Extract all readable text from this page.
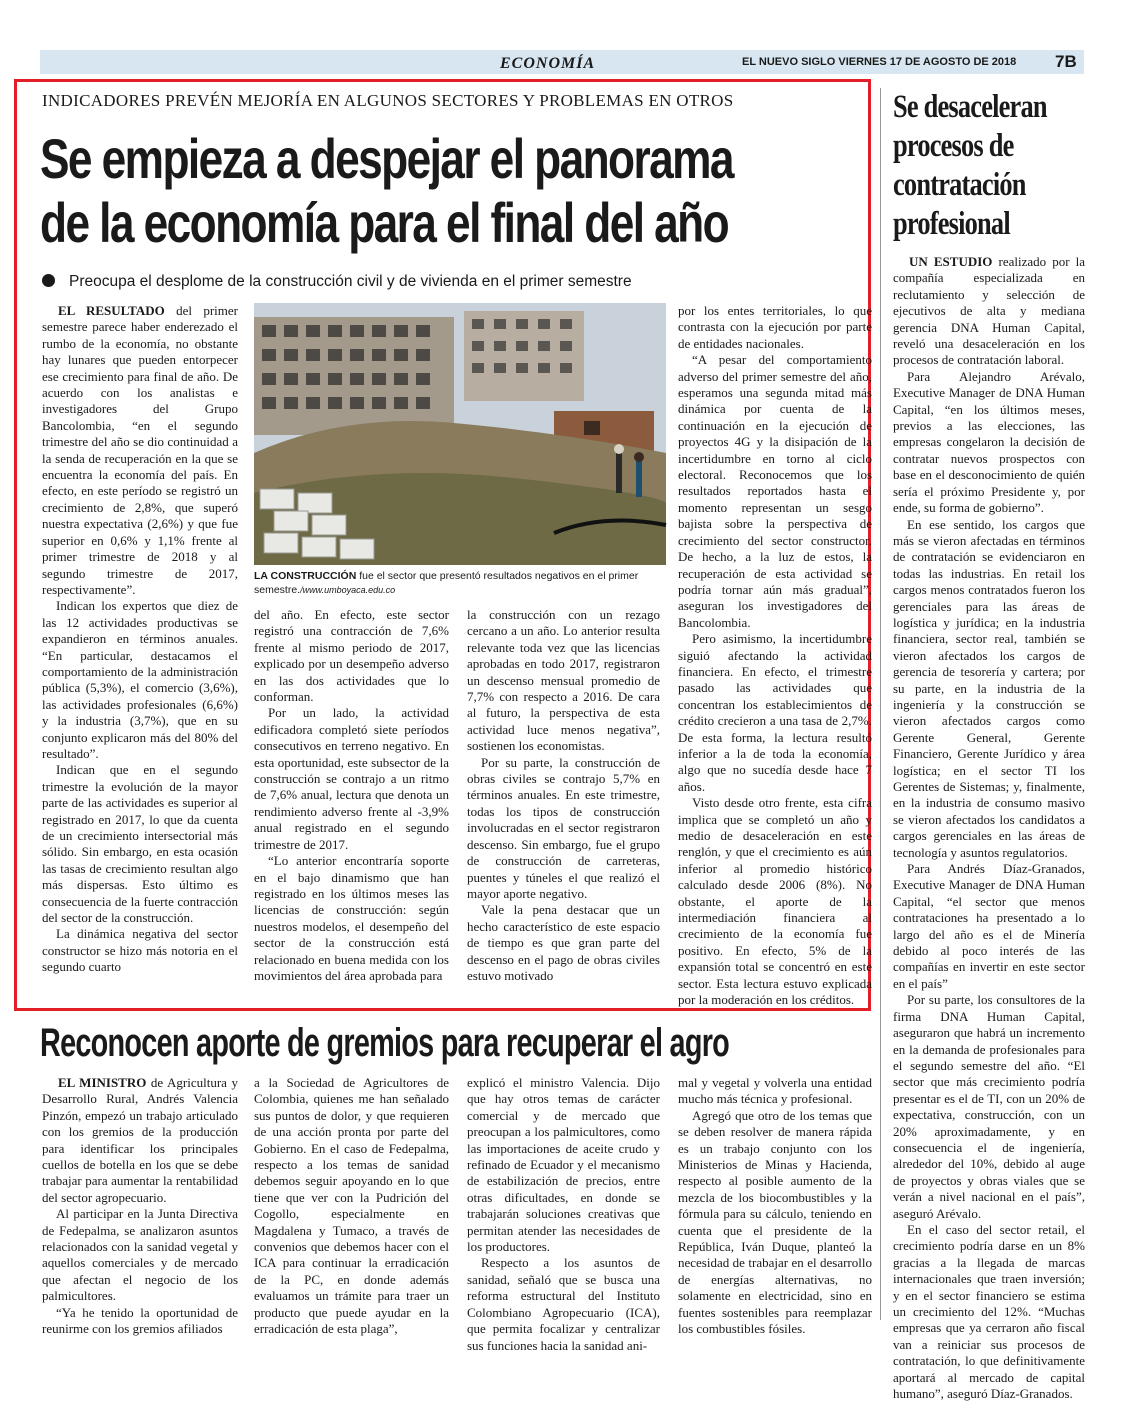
ECONOMÍA	EL NUEVO SIGLO VIERNES 17 DE AGOSTO DE 2018 7B
INDICADORES PREVÉN MEJORÍA EN ALGUNOS SECTORES Y PROBLEMAS EN OTROS
Se empieza a despejar el panorama
de la economía para el final del año
Preocupa el desplome de la construcción civil y de vivienda en el primer semestre

EL RESULTADO del primer semestre parece haber enderezado el rumbo de la economía, no obstante hay lunares que pueden entorpecer ese crecimiento para final de año. De acuerdo con los analistas e investigadores del Grupo Bancolombia, “en el segundo trimestre del año se dio continuidad a la senda de recuperación en la que se encuentra la economía del país. En efecto, en este período se registró un crecimiento de 2,8%, que superó nuestra expectativa (2,6%) y que fue superior en 0,6% y 1,1% frente al primer trimestre de 2018 y al segundo trimestre de 2017, respectivamente”.

Indican los expertos que diez de las 12 actividades productivas se expandieron en términos anuales. “En particular, destacamos el comportamiento de la administración pública (5,3%), el comercio (3,6%), las actividades profesionales (6,6%) y la industria (3,7%), que en su conjunto explicaron más del 80% del resultado”.

Indican que en el segundo trimestre la evolución de la mayor parte de las actividades es superior al registrado en 2017, lo que da cuenta de un crecimiento intersectorial más sólido. Sin embargo, en esta ocasión las tasas de crecimiento resultan algo más dispersas. Esto último es consecuencia de la fuerte contracción del sector de la construcción.

La dinámica negativa del sector constructor se hizo más notoria en el segundo cuarto

LA CONSTRUCCIÓN fue el sector que presentó resultados negativos en el primer semestre./www.umboyaca.edu.co

del año. En efecto, este sector registró una contracción de 7,6% frente al mismo periodo de 2017, explicado por un desempeño adverso en las dos actividades que lo conforman.

Por un lado, la actividad edificadora completó siete períodos consecutivos en terreno negativo. En esta oportunidad, este subsector de la construcción se contrajo a un ritmo de 7,6% anual, lectura que denota un rendimiento adverso frente al -3,9% anual registrado en el segundo trimestre de 2017.

“Lo anterior encontraría soporte en el bajo dinamismo que han registrado en los últimos meses las licencias de construcción: según nuestros modelos, el desempeño del sector de la construcción está relacionado en buena medida con los movimientos del área aprobada para

la construcción con un rezago cercano a un año. Lo anterior resulta relevante toda vez que las licencias aprobadas en todo 2017, registraron un descenso mensual promedio de 7,7% con respecto a 2016. De cara al futuro, la perspectiva de esta actividad luce menos negativa”, sostienen los economistas.

Por su parte, la construcción de obras civiles se contrajo 5,7% en términos anuales. En este trimestre, todas los tipos de construcción involucradas en el sector registraron descenso. Sin embargo, fue el grupo de construcción de carreteras, puentes y túneles el que realizó el mayor aporte negativo.

Vale la pena destacar que un hecho característico de este espacio de tiempo es que gran parte del descenso en el pago de obras civiles estuvo motivado

por los entes territoriales, lo que contrasta con la ejecución por parte de entidades nacionales.

“A pesar del comportamiento adverso del primer semestre del año, esperamos una segunda mitad más dinámica por cuenta de la continuación en la ejecución de proyectos 4G y la disipación de la incertidumbre en torno al ciclo electoral. Reconocemos que los resultados reportados hasta el momento representan un sesgo bajista sobre la perspectiva de crecimiento del sector constructor. De hecho, a la luz de estos, la recuperación de esta actividad se podría tornar aún más gradual”, aseguran los investigadores del Bancolombia.

Pero asimismo, la incertidumbre siguió afectando la actividad financiera. En efecto, el trimestre pasado las actividades que concentran los establecimientos de crédito crecieron a una tasa de 2,7%. De esta forma, la lectura resultó inferior a la de toda la economía, algo que no sucedía desde hace 7 años.

Visto desde otro frente, esta cifra implica que se completó un año y medio de desaceleración en este renglón, y que el crecimiento es aún inferior al promedio histórico calculado desde 2006 (8%). No obstante, el aporte de la intermediación financiera al crecimiento de la economía fue positivo. En efecto, 5% de la expansión total se concentró en este sector. Esta lectura estuvo explicada por la moderación en los créditos.

Se desaceleran
procesos de
contratación
profesional

UN ESTUDIO realizado por la compañía especializada en reclutamiento y selección de ejecutivos de alta y mediana gerencia DNA Human Capital, reveló una desaceleración en los procesos de contratación laboral.

Para Alejandro Arévalo, Executive Manager de DNA Human Capital, “en los últimos meses, previos a las elecciones, las empresas congelaron la decisión de contratar nuevos prospectos con base en el desconocimiento de quién sería el próximo Presidente y, por ende, su forma de gobierno”.

En ese sentido, los cargos que más se vieron afectadas en términos de contratación se evidenciaron en todas las industrias. En retail los cargos menos contratados fueron los gerenciales para las áreas de logística y jurídica; en la industria financiera, sector real, también se vieron afectados los cargos de gerencia de tesorería y cartera; por su parte, en la industria de la ingeniería y la construcción se vieron afectados cargos como Gerente General, Gerente Financiero, Gerente Jurídico y área logística; en el sector TI los Gerentes de Sistemas; y, finalmente, en la industria de consumo masivo se vieron afectados los candidatos a cargos gerenciales en las áreas de tecnología y asuntos regulatorios.

Para Andrés Díaz-Granados, Executive Manager de DNA Human Capital, “el sector que menos contrataciones ha presentado a lo largo del año es el de Minería debido al poco interés de las compañías en invertir en este sector en el país”

Por su parte, los consultores de la firma DNA Human Capital, aseguraron que habrá un incremento en la demanda de profesionales para el segundo semestre del año. “El sector que más crecimiento podría presentar es el de TI, con un 20% de expectativa, construcción, con un 20% aproximadamente, y en consecuencia el de ingeniería, alrededor del 10%, debido al auge de proyectos y obras viales que se verán a nivel nacional en el país”, aseguró Arévalo.

En el caso del sector retail, el crecimiento podría darse en un 8% gracias a la llegada de marcas internacionales que traen inversión; y en el sector financiero se estima un crecimiento del 12%. “Muchas empresas que ya cerraron año fiscal van a reiniciar sus procesos de contratación, lo que definitivamente aportará al mercado de capital humano”, aseguró Díaz-Granados.

Reconocen aporte de gremios para recuperar el agro

EL MINISTRO de Agricultura y Desarrollo Rural, Andrés Valencia Pinzón, empezó un trabajo articulado con los gremios de la producción para identificar los principales cuellos de botella en los que se debe trabajar para aumentar la rentabilidad del sector agropecuario.

Al participar en la Junta Directiva de Fedepalma, se analizaron asuntos relacionados con la sanidad vegetal y aquellos comerciales y de mercado que afectan el negocio de los palmicultores.

“Ya he tenido la oportunidad de reunirme con los gremios afiliados

a la Sociedad de Agricultores de Colombia, quienes me han señalado sus puntos de dolor, y que requieren de una acción pronta por parte del Gobierno. En el caso de Fedepalma, respecto a los temas de sanidad debemos seguir apoyando en lo que tiene que ver con la Pudrición del Cogollo, especialmente en Magdalena y Tumaco, a través de convenios que debemos hacer con el ICA para continuar la erradicación de la PC, en donde además evaluamos un trámite para traer un producto que puede ayudar en la erradicación de esta plaga”,

explicó el ministro Valencia. Dijo que hay otros temas de carácter comercial y de mercado que preocupan a los palmicultores, como las importaciones de aceite crudo y refinado de Ecuador y el mecanismo de estabilización de precios, entre otras dificultades, en donde se trabajarán soluciones creativas que permitan atender las necesidades de los productores.

Respecto a los asuntos de sanidad, señaló que se busca una reforma estructural del Instituto Colombiano Agropecuario (ICA), que permita focalizar y centralizar sus funciones hacia la sanidad ani-

mal y vegetal y volverla una entidad mucho más técnica y profesional.

Agregó que otro de los temas que se deben resolver de manera rápida es un trabajo conjunto con los Ministerios de Minas y Hacienda, respecto al posible aumento de la mezcla de los biocombustibles y la fórmula para su cálculo, teniendo en cuenta que el presidente de la República, Iván Duque, planteó la necesidad de trabajar en el desarrollo de energías alternativas, no solamente en electricidad, sino en fuentes sostenibles para reemplazar los combustibles fósiles.
